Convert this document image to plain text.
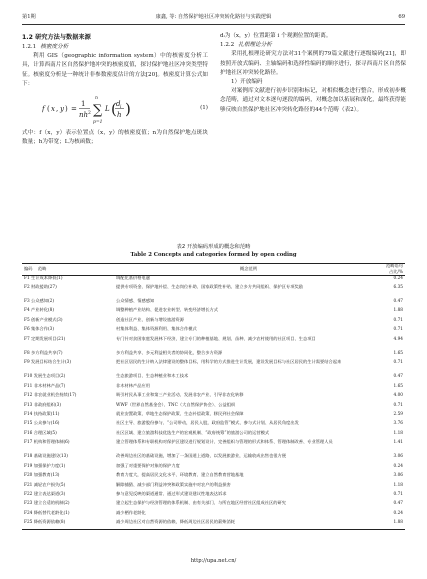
第1期	康鑫, 等: 自然保护地社区冲突转化路径与实践逻辑	69
1.2 研究方法与数据来源
1.2.1 核密度分析
利用 GIS（geographic information system）中的核密度分析工具，计算西南片区自然保护地冲突的核密度值，探讨保护地社区冲突类型特征。核密度分析是一种统计非参数密度估计的方法[20]。核密度计算公式如下：
f ( x , y ) =
1
nh 2 ∑
n
p=1
L ( d i
h )	(1)
式中：f（x，y）表示位置点（x，y）的核密度值；n为自然保护地点斑块数量；h为带宽；L为核函数；
dᵢ为（x，y）位置距第 i 个观测位置的距离。
1.2.2 扎根理论分析
采用扎根理论研究方法对31个案例的79篇文献进行逐级编码[21]，即按照开放式编码、主轴编码和选择性编码的顺序进行，探寻西南片区自然保护地社区冲突转化路径。
1）开放编码
对案例库文献进行初步识别和标记，对相似概念进行整合，形成初步概念范畴，通过对文本逐句逐段的编码，对概念加以拓展和深化，最终获得能够反映自然保护地社区冲突转化路径的44个范畴（表2）。
表2 开放编码形成的概念和范畴
Table 2 Concepts and categories formed by open coding
编码 范畴		概念范例	范畴语句
占比/%
F1 生计成本降低(1)		调配化基价格电逾	0.24
F2 财政援助(27)		提供专项资金、保护地补偿、生态岗位补助、国家政策性补贴、建立多方共同组织、保护区专项奖励	6.35
F3 公众感知(2)		公众情感、情感感知	0.47
F4 产业转化(8)		调整种植产业结构、促进农业转型、转变经济增长方式	1.88
F5 创新产业模式(3)		创造社区产业、创新与增设旅游资源	0.71
F6 集体合作(3)		村集体利益、集体资源利用、集体合作模式	0.71
F7 定期发展项目(21)		专门针对贫困家庭发展林下经济，建立专门的种植基地、规划、苗种、减少农村使用的社区项目、生态项目	4.94
F8 多方利益共享(7)		多方利益共享、多元利益相关者的协同化，整合多方资源	1.65
F9 发展目标结合生计(3)		把社区居民的生计纳入法律建设的整体目标，用科学的方式推进生计发展，建设发展目标与社区居民的生计需要结合起来	0.71
F10 发展生态项目(2)		生态旅游项目、生态种植业和木工技术	0.47
F11 非木材林产品(7)		非木材林产品应用	1.65
F12 非农就业机会持续(17)		吸引村民从事工业和第三产业活动、发展非农产业、引导非农化转移	4.00
F13 非政府组织(3)		WWF（世界自然基金会）、TNC（大自然保护协会）、公益组织	0.71
F14 扶持政策(11)		就业安置政策、草地生态保护政策、生态补偿政策、移民到社会保障	2.59
F15 公众参与(16)		社区主导、旅游股份参与、“公司带动，居民入股，政府监管”模式、参与式计划、从居民角度出发	3.76
F16 合理区域(5)		社区区域、建立旅游科技优选生产的宏观机制、“政府统筹”的旅游公司的运营模式	1.18
F17 机构和管理体制(6)		建立管理体系和专职机构对保护区建设进行规划设计、完善组织与管理的形式和体系、管理体制改善、专业管理人员	1.41
F18 基础设施建设(13)		改善周边社区的基础设施，增加了一条国道上道路，以发展旅游业，运输收成出售也很方便	3.06
F19 加强保护力度(1)		加强了对重要保护对象的保护力度	0.24
F20 加强教育(13)		教育力度大，提高居民文化水平、环境教育、建立自然教育营地基地	3.06
F21 减轻农户损失(5)		解除捕猎、减少部门利益冲突和政策实施中对农户的利益损害	1.18
F22 建立表达渠道(3)		参与意见反映的渠道通常、通过形式建设建议性地表达诉求	0.71
F23 建立合适的机制(2)		建立起生态保护与经济管理的体系机制、由有关部门、与所在地区经营社区组成社区的研究	0.47
F24 降低替代老龄化(1)		减少栖作老龄化	0.24
F25 降低资源依赖(8)		减少周边社区对自然资源的依赖，降低周边社区居民的薪柴消耗	1.88
http://upa.net.cn/
